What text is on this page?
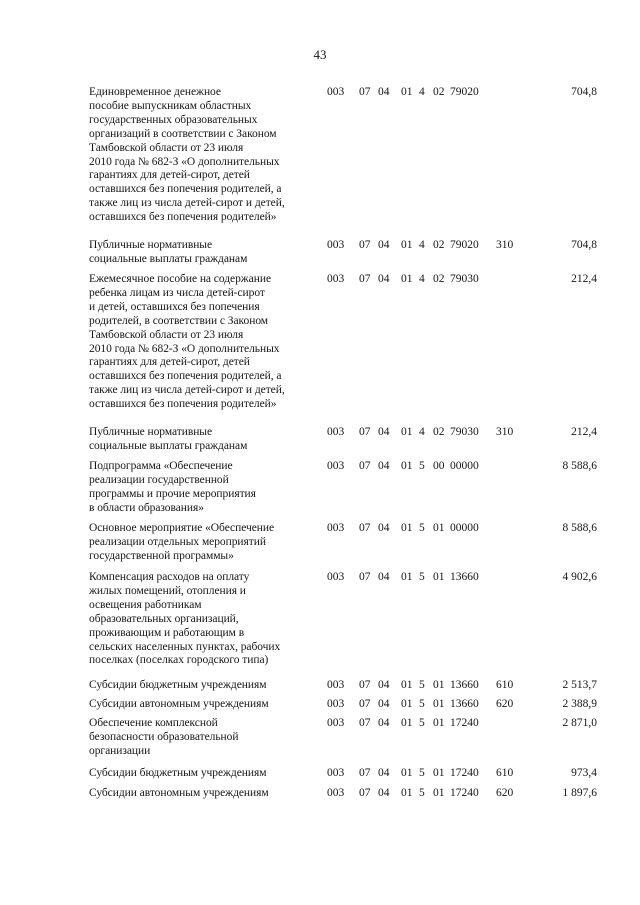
43
Единовременное денежное
пособие выпускникам областных
государственных образовательных
организаций в соответствии с Законом
Тамбовской области от 23 июля
2010 года № 682-З «О дополнительных
гарантиях для детей-сирот, детей
оставшихся без попечения родителей, а
также лиц из числа детей-сирот и детей,
оставшихся без попечения родителей»
003 07 04 01 4 02 79020	704,8
Публичные нормативные
социальные выплаты гражданам
003 07 04 01 4 02 79020 310	704,8
Ежемесячное пособие на содержание
ребенка лицам из числа детей-сирот
и детей, оставшихся без попечения
родителей, в соответствии с Законом
Тамбовской области от 23 июля
2010 года № 682-З «О дополнительных
гарантиях для детей-сирот, детей
оставшихся без попечения родителей, а
также лиц из числа детей-сирот и детей,
оставшихся без попечения родителей»
003 07 04 01 4 02 79030	212,4
Публичные нормативные
социальные выплаты гражданам
003 07 04 01 4 02 79030 310	212,4
Подпрограмма «Обеспечение
реализации государственной
программы и прочие мероприятия
в области образования»
003 07 04 01 5 00 00000	8 588,6
Основное мероприятие «Обеспечение
реализации отдельных мероприятий
государственной программы»
003 07 04 01 5 01 00000	8 588,6
Компенсация расходов на оплату
жилых помещений, отопления и
освещения работникам
образовательных организаций,
проживающим и работающим в
сельских населенных пунктах, рабочих
поселках (поселках городского типа)
003 07 04 01 5 01 13660	4 902,6
Субсидии бюджетным учреждениям	003 07 04 01 5 01 13660 610	2 513,7
Субсидии автономным учреждениям	003 07 04 01 5 01 13660 620	2 388,9
Обеспечение комплексной
безопасности образовательной
организации
003 07 04 01 5 01 17240	2 871,0
Субсидии бюджетным учреждениям	003 07 04 01 5 01 17240 610	973,4
Субсидии автономным учреждениям	003 07 04 01 5 01 17240 620	1 897,6
